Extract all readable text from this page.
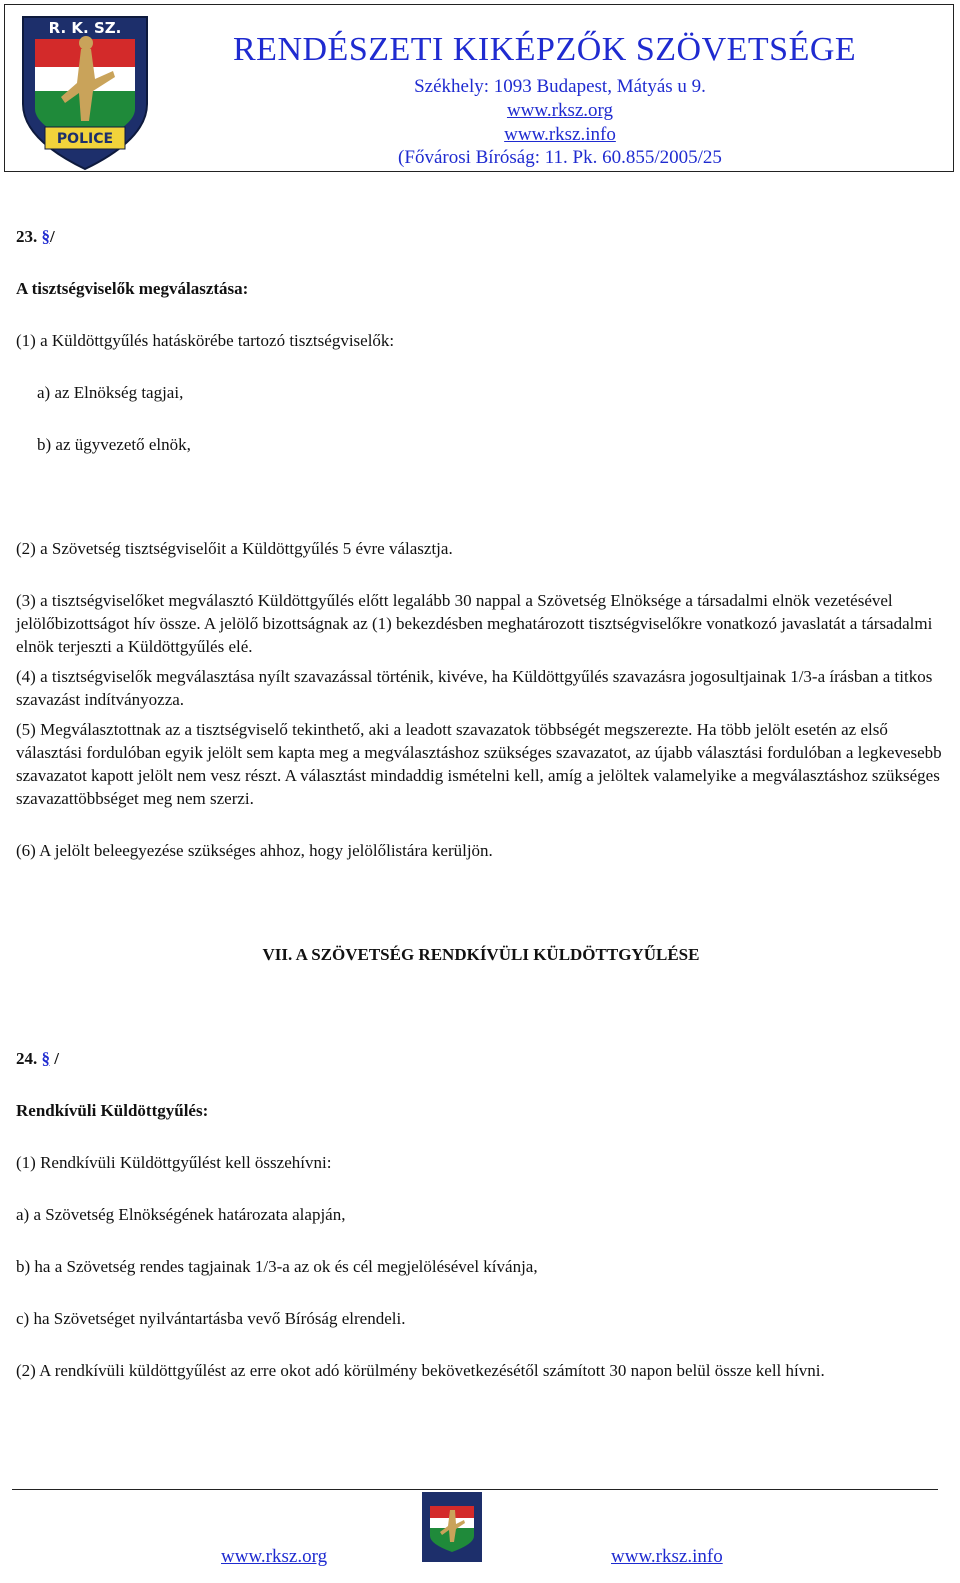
R. K. SZ.
POLICE
RENDÉSZETI KIKÉPZŐK SZÖVETSÉGE
Székhely: 1093 Budapest, Mátyás u 9.
www.rksz.org
www.rksz.info
(Fővárosi Bíróság: 11. Pk. 60.855/2005/25

23. §/

A tisztségviselők megválasztása:

(1) a Küldöttgyűlés hatáskörébe tartozó tisztségviselők:

a) az Elnökség tagjai,

b) az ügyvezető elnök,

(2) a Szövetség tisztségviselőit a Küldöttgyűlés 5 évre választja.

(3) a tisztségviselőket megválasztó Küldöttgyűlés előtt legalább 30 nappal a Szövetség Elnöksége a társadalmi elnök vezetésével jelölőbizottságot hív össze. A jelölő bizottságnak az (1) bekezdésben meghatározott tisztségviselőkre vonatkozó javaslatát a társadalmi elnök terjeszti a Küldöttgyűlés elé.

(4) a tisztségviselők megválasztása nyílt szavazással történik, kivéve, ha Küldöttgyűlés szavazásra jogosultjainak 1/3-a írásban a titkos szavazást indítványozza.

(5) Megválasztottnak az a tisztségviselő tekinthető, aki a leadott szavazatok többségét megszerezte. Ha több jelölt esetén az első választási fordulóban egyik jelölt sem kapta meg a megválasztáshoz szükséges szavazatot, az újabb választási fordulóban a legkevesebb szavazatot kapott jelölt nem vesz részt. A választást mindaddig ismételni kell, amíg a jelöltek valamelyike a megválasztáshoz szükséges szavazattöbbséget meg nem szerzi.

(6) A jelölt beleegyezése szükséges ahhoz, hogy jelölőlistára kerüljön.

VII. A SZÖVETSÉG RENDKÍVÜLI KÜLDÖTTGYŰLÉSE

24. § /

Rendkívüli Küldöttgyűlés:

(1) Rendkívüli Küldöttgyűlést kell összehívni:

a) a Szövetség Elnökségének határozata alapján,

b) ha a Szövetség rendes tagjainak 1/3-a az ok és cél megjelölésével kívánja,

c) ha Szövetséget nyilvántartásba vevő Bíróság elrendeli.

(2) A rendkívüli küldöttgyűlést az erre okot adó körülmény bekövetkezésétől számított 30 napon belül össze kell hívni.

www.rksz.org	www.rksz.info
